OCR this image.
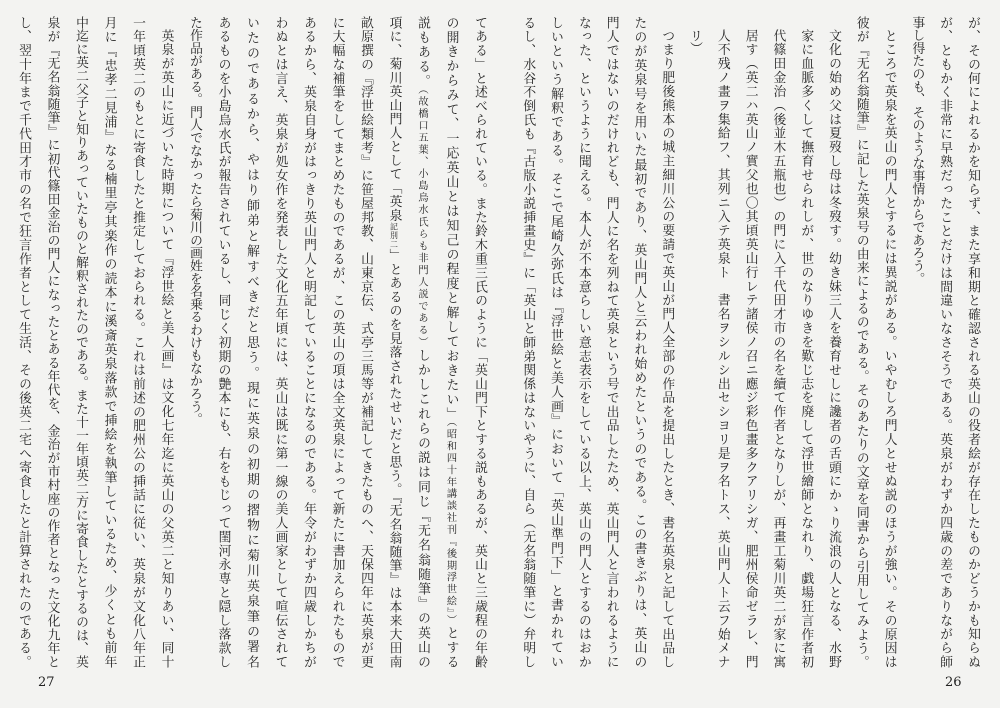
が、その何によれるかを知らず、また享和期と確認される英山の役者絵が存在したものかどうかも知らぬ
が、ともかく非常に早熟だったことだけは間違いなさそうである。英泉がわずか四歳の差でありながら師
事し得たのも、そのような事情からであろう。
ところで英泉を英山の門人とするには異説がある。いやむしろ門人とせぬ説のほうが強い。その原因は
彼が『无名翁随筆』に記した英泉号の由来によるのである。そのあたりの文章を同書から引用してみよう。
文化の始め父は夏歿し母は冬歿す。幼き妹三人を養育せしに讒者の舌頭にかゝり流浪の人となる、水野
家に血脈多くして撫育せられしが、世のなりゆきを歎じ志を廃して浮世繪師となれり、戯場狂言作者初
代篠田金治（後並木五瓶也）の門に入千代田才市の名を續て作者となりしが、再畫工菊川英二が家に寓
居す（英二ハ英山ノ實父也〇其頃英山行レテ諸侯ノ召ニ應ジ彩色畫多クアリシガ、肥州侯命ゼラレ、門
人不残ノ畫ヲ集給フ、其列ニ入テ英泉ト　書名ヲシルシ出セシヨリ是ヲ名トス、英山門人ト云フ始メナ
リ）
つまり肥後熊本の城主細川公の要請で英山が門人全部の作品を提出したとき、書名英泉と記して出品し
たのが英泉号を用いた最初であり、英山門人と云われ始めたというのである。この書きぶりは、英山の
門人ではないのだけれども、門人に名を列ねて英泉という号で出品したため、英山門人と言われるように
なった、というように聞える。本人が不本意らしい意志表示をしている以上、英山の門人とするのはおか
しいという解釈である。そこで尾崎久弥氏は『浮世絵と美人画』において「英山準門下」と書かれてい
るし、水谷不倒氏も『古版小説挿畫史』に「英山と師弟関係はないやうに、自ら（无名翁随筆に）弁明し
てある」と述べられている。また鈴木重三氏のように「英山門下とする説もあるが、英山と三歳程の年齢
の開きからみて、一応英山とは知己の程度と解しておきたい」（昭和四十年講談社刊『後期浮世絵』）とする
説もある。（故橋口五葉、小島烏水氏らも非門人説である）しかしこれらの説は同じ『无名翁随筆』の英山の
項に、菊川英山門人として「英泉記別二」とあるのを見落されたせいだと思う。『无名翁随筆』は本来大田南
畝原撰の『浮世絵類考』に笹屋邦教、山東京伝、式亭三馬等が補記してきたものへ、天保四年に英泉が更
に大幅な補筆をしてまとめたものであるが、この英山の項は全文英泉によって新たに書加えられたもので
あるから、英泉自身がはっきり英山門人と明記していることになるのである。年令がわずか四歳しかちが
わぬとは言え、英泉が処女作を発表した文化五年頃には、英山は既に第一線の美人画家として喧伝されて
いたのであるから、やはり師弟と解すべきだと思う。現に英泉の初期の摺物に菊川英泉筆の署名
あるものを小島烏水氏が報告されているし、同じく初期の艶本にも、右をもじって閨河永専と隠し落款し
た作品がある。門人でなかったら菊川の画姓を名乗るわけもなかろう。
英泉が英山に近づいた時期について『浮世絵と美人画』は文化七年迄に英山の父英二と知りあい、同十
一年頃英二のもとに寄食したと推定しておられる。これは前述の肥州公の挿話に従い、英泉が文化八年正
月に『忠孝二見浦』なる楠里亭其楽作の読本に溪斎英泉落款で挿絵を執筆しているため、少くとも前年
中迄に英二父子と知りあっていたものと解釈されたのである。また十一年頃英二方に寄食したとするのは、英
泉が『无名翁随筆』に初代篠田金治の門人になったとある年代を、金治が市村座の作者となった文化九年と
し、翌十年まで千代田才市の名で狂言作者として生活、その後英二宅へ寄食したと計算されたのである。
27	26
